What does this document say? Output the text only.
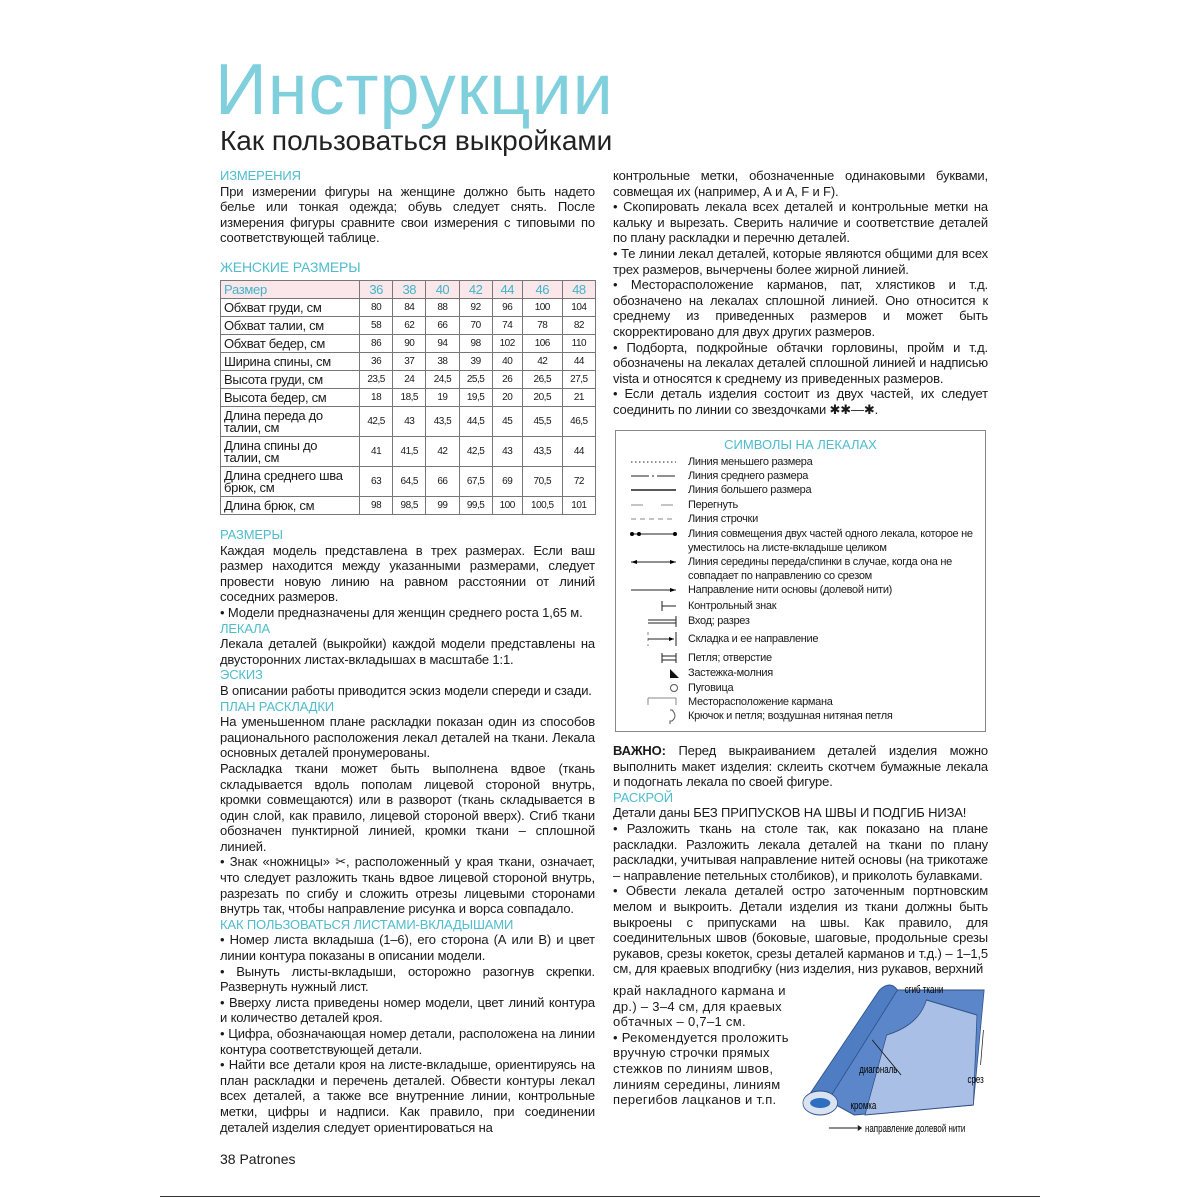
Инструкции
Как пользоваться выкройками
ИЗМЕРЕНИЯ

При измерении фигуры на женщине должно быть надето белье или тонкая одежда; обувь следует снять. После измерения фигуры сравните свои измерения с типовыми по соответствующей таблице.

ЖЕНСКИЕ РАЗМЕРЫ
Размер	36	38	40	42	44	46	48
Обхват груди, см	80	84	88	92	96	100	104
Обхват талии, см	58	62	66	70	74	78	82
Обхват бедер, см	86	90	94	98	102	106	110
Ширина спины, см	36	37	38	39	40	42	44
Высота груди, см	23,5	24	24,5	25,5	26	26,5	27,5
Высота бедер, см	18	18,5	19	19,5	20	20,5	21
Длина переда до талии, см	42,5	43	43,5	44,5	45	45,5	46,5
Длина спины до талии, см	41	41,5	42	42,5	43	43,5	44
Длина среднего шва брюк, см	63	64,5	66	67,5	69	70,5	72
Длина брюк, см	98	98,5	99	99,5	100	100,5	101
РАЗМЕРЫ

Каждая модель представлена в трех размерах. Если ваш размер находится между указанными размерами, следует провести новую линию на равном расстоянии от линий соседних размеров.

• Модели предназначены для женщин среднего роста 1,65 м.

ЛЕКАЛА

Лекала деталей (выкройки) каждой модели представлены на двусторонних листах-вкладышах в масштабе 1:1.

ЭСКИЗ

В описании работы приводится эскиз модели спереди и сзади.

ПЛАН РАСКЛАДКИ

На уменьшенном плане раскладки показан один из способов рационального расположения лекал деталей на ткани. Лекала основных деталей пронумерованы.

Раскладка ткани может быть выполнена вдвое (ткань складывается вдоль пополам лицевой стороной внутрь, кромки совмещаются) или в разворот (ткань складывается в один слой, как правило, лицевой стороной вверх). Сгиб ткани обозначен пунктирной линией, кромки ткани – сплошной линией.

• Знак «ножницы» ✂, расположенный у края ткани, означает, что следует разложить ткань вдвое лицевой стороной внутрь, разрезать по сгибу и сложить отрезы лицевыми сторонами внутрь так, чтобы направление рисунка и ворса совпадало.

КАК ПОЛЬЗОВАТЬСЯ ЛИСТАМИ-ВКЛАДЫШАМИ

• Номер листа вкладыша (1–6), его сторона (А или В) и цвет линии контура показаны в описании модели.

• Вынуть листы-вкладыши, осторожно разогнув скрепки. Развернуть нужный лист.

• Вверху листа приведены номер модели, цвет линий контура и количество деталей кроя.

• Цифра, обозначающая номер детали, расположена на линии контура соответствующей детали.

• Найти все детали кроя на листе-вкладыше, ориентируясь на план раскладки и перечень деталей. Обвести контуры лекал всех деталей, а также все внутренние линии, контрольные метки, цифры и надписи. Как правило, при соединении деталей изделия следует ориентироваться на

контрольные метки, обозначенные одинаковыми буквами, совмещая их (например, А и А, F и F).

• Скопировать лекала всех деталей и контрольные метки на кальку и вырезать. Сверить наличие и соответствие деталей по плану раскладки и перечню деталей.

• Те линии лекал деталей, которые являются общими для всех трех размеров, вычерчены более жирной линией.

• Месторасположение карманов, пат, хлястиков и т.д. обозначено на лекалах сплошной линией. Оно относится к среднему из приведенных размеров и может быть скорректировано для двух других размеров.

• Подборта, подкройные обтачки горловины, пройм и т.д. обозначены на лекалах деталей сплошной линией и надписью vista и относятся к среднему из приведенных размеров.

• Если деталь изделия состоит из двух частей, их следует соединить по линии со звездочками ✱✱—✱.

СИМВОЛЫ НА ЛЕКАЛАХ
Линия меньшего размера
Линия среднего размера
Линия большего размера
Перегнуть
Линия строчки
Линия совмещения двух частей одного лекала, которое не уместилось на листе-вкладыше целиком
Линия середины переда/спинки в случае, когда она не совпадает по направлению со срезом
Направление нити основы (долевой нити)
Контрольный знак
Вход; разрез
Складка и ее направление
Петля; отверстие
Застежка-молния
Пуговица
Месторасположение кармана
Крючок и петля; воздушная нитяная петля

ВАЖНО: Перед выкраиванием деталей изделия можно выполнить макет изделия: склеить скотчем бумажные лекала и подогнать лекала по своей фигуре.

РАСКРОЙ

Детали даны БЕЗ ПРИПУСКОВ НА ШВЫ И ПОДГИБ НИЗА!

• Разложить ткань на столе так, как показано на плане раскладки. Разложить лекала деталей на ткани по плану раскладки, учитывая направление нитей основы (на трикотаже – направление петельных столбиков), и приколоть булавками.

• Обвести лекала деталей остро заточенным портновским мелом и выкроить. Детали изделия из ткани должны быть выкроены с припусками на швы. Как правило, для соединительных швов (боковые, шаговые, продольные срезы рукавов, срезы кокеток, срезы деталей карманов и т.д.) – 1–1,5 см, для краевых вподгибку (низ изделия, низ рукавов, верхний

край накладного кармана и др.) – 3–4 см, для краевых обтачных – 0,7–1 см.

• Рекомендуется проложить вручную строчки прямых стежков по линиям швов, линиям середины, линиям перегибов лацканов и т.п.

сгиб ткани
диагональ
кромка
срез
направление долевой нити
38 Patrones
